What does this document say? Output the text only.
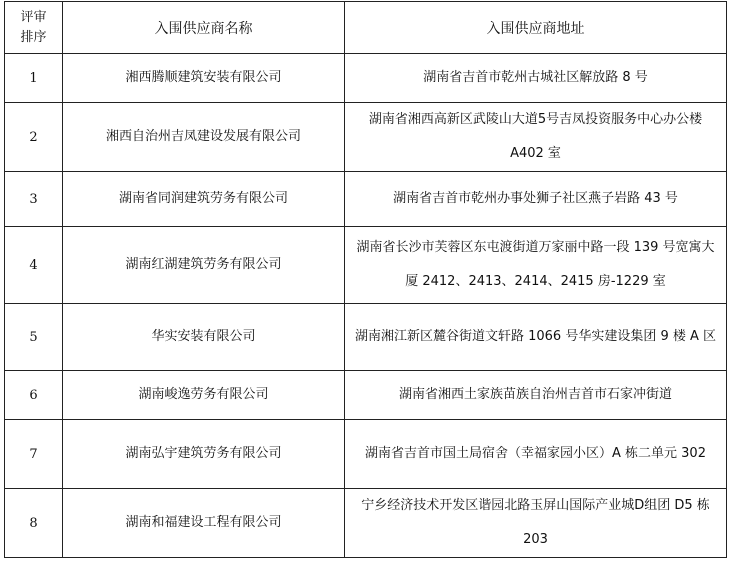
评审
排序	入围供应商名称	入围供应商地址
1	湘西腾顺建筑安装有限公司	湖南省吉首市乾州古城社区解放路 8 号
2	湘西自治州吉凤建设发展有限公司	湖南省湘西高新区武陵山大道5号吉凤投资服务中心办公楼 A402 室
3	湖南省同润建筑劳务有限公司	湖南省吉首市乾州办事处狮子社区燕子岩路 43 号
4	湖南红湖建筑劳务有限公司	湖南省长沙市芙蓉区东屯渡街道万家丽中路一段 139 号宽寓大厦 2412、2413、2414、2415 房-1229 室
5	华实安装有限公司	湖南湘江新区麓谷街道文轩路 1066 号华实建设集团 9 楼 A 区
6	湖南峻逸劳务有限公司	湖南省湘西土家族苗族自治州吉首市石家冲街道
7	湖南弘宇建筑劳务有限公司	湖南省吉首市国土局宿舍（幸福家园小区）A 栋二单元 302
8	湖南和福建设工程有限公司	宁乡经济技术开发区谐园北路玉屏山国际产业城D组团 D5 栋 203
